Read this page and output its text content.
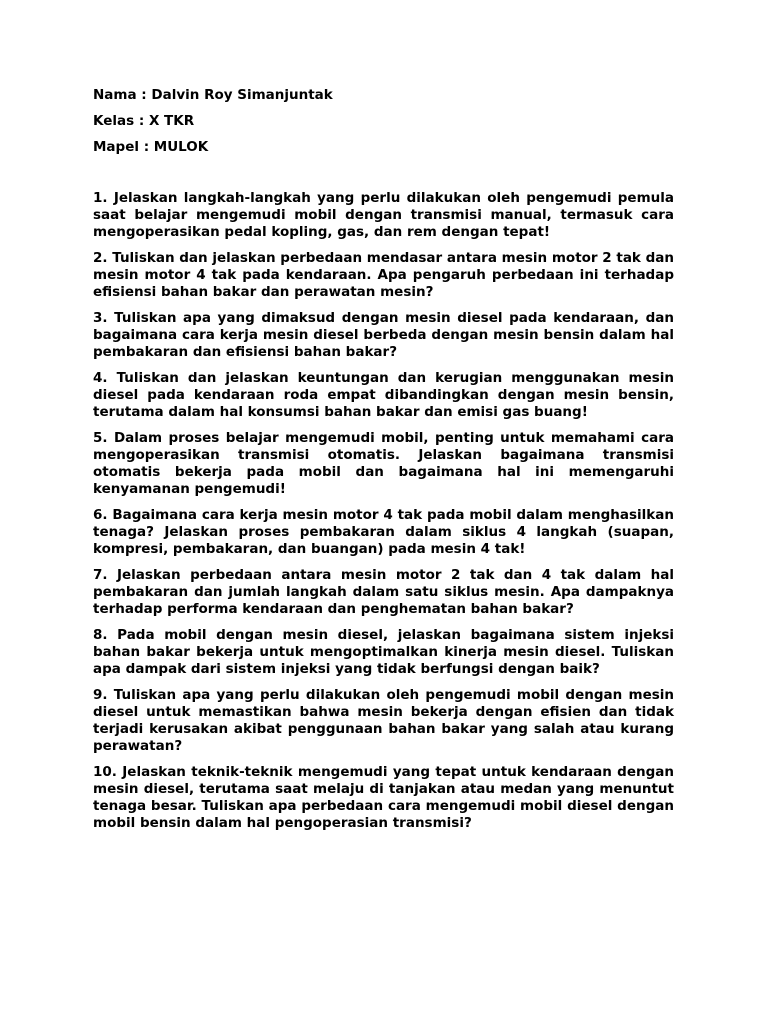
Nama : Dalvin Roy Simanjuntak

Kelas : X TKR

Mapel : MULOK

1. Jelaskan langkah-langkah yang perlu dilakukan oleh pengemudi pemula saat belajar mengemudi mobil dengan transmisi manual, termasuk cara mengoperasikan pedal kopling, gas, dan rem dengan tepat!

2. Tuliskan dan jelaskan perbedaan mendasar antara mesin motor 2 tak dan mesin motor 4 tak pada kendaraan. Apa pengaruh perbedaan ini terhadap efisiensi bahan bakar dan perawatan mesin?

3. Tuliskan apa yang dimaksud dengan mesin diesel pada kendaraan, dan bagaimana cara kerja mesin diesel berbeda dengan mesin bensin dalam hal pembakaran dan efisiensi bahan bakar?

4. Tuliskan dan jelaskan keuntungan dan kerugian menggunakan mesin diesel pada kendaraan roda empat dibandingkan dengan mesin bensin, terutama dalam hal konsumsi bahan bakar dan emisi gas buang!

5. Dalam proses belajar mengemudi mobil, penting untuk memahami cara mengoperasikan transmisi otomatis. Jelaskan bagaimana transmisi otomatis bekerja pada mobil dan bagaimana hal ini memengaruhi kenyamanan pengemudi!

6. Bagaimana cara kerja mesin motor 4 tak pada mobil dalam menghasilkan tenaga? Jelaskan proses pembakaran dalam siklus 4 langkah (suapan, kompresi, pembakaran, dan buangan) pada mesin 4 tak!

7. Jelaskan perbedaan antara mesin motor 2 tak dan 4 tak dalam hal pembakaran dan jumlah langkah dalam satu siklus mesin. Apa dampaknya terhadap performa kendaraan dan penghematan bahan bakar?

8. Pada mobil dengan mesin diesel, jelaskan bagaimana sistem injeksi bahan bakar bekerja untuk mengoptimalkan kinerja mesin diesel. Tuliskan apa dampak dari sistem injeksi yang tidak berfungsi dengan baik?

9. Tuliskan apa yang perlu dilakukan oleh pengemudi mobil dengan mesin diesel untuk memastikan bahwa mesin bekerja dengan efisien dan tidak terjadi kerusakan akibat penggunaan bahan bakar yang salah atau kurang perawatan?

10. Jelaskan teknik-teknik mengemudi yang tepat untuk kendaraan dengan mesin diesel, terutama saat melaju di tanjakan atau medan yang menuntut tenaga besar. Tuliskan apa perbedaan cara mengemudi mobil diesel dengan mobil bensin dalam hal pengoperasian transmisi?
